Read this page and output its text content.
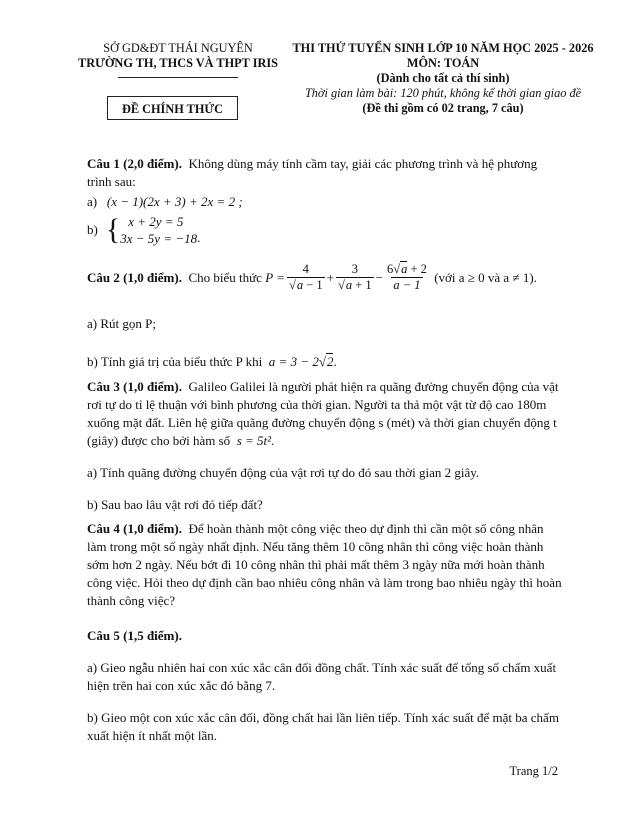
SỞ GD&ĐT THÁI NGUYÊN
TRƯỜNG TH, THCS VÀ THPT IRIS
ĐỀ CHÍNH THỨC
THI THỬ TUYỂN SINH LỚP 10 NĂM HỌC 2025 - 2026
MÔN: TOÁN
(Dành cho tất cả thí sinh)
Thời gian làm bài: 120 phút, không kể thời gian giao đề
(Đề thi gồm có 02 trang, 7 câu)
Câu 1 (2,0 điểm). Không dùng máy tính cầm tay, giải các phương trình và hệ phương
trình sau:
a) (x − 1)(2x + 3) + 2x = 2 ;
b) { x + 2y = 5
3x − 5y = −18 .
Câu 2 (1,0 điểm).
Cho biểu thức
$P = \frac{4}{√a - 1} + \frac{3}{√a + 1} - \frac{6√a + 2}{a - 1}$
(với a ≥ 0 và a ≠ 1).
a) Rút gọn P;
b) Tính giá trị của biểu thức P khi a = 3 − 2√2.
Câu 3 (1,0 điểm). Galileo Galilei là người phát hiện ra quãng đường chuyển động của vật
rơi tự do tỉ lệ thuận với bình phương của thời gian. Người ta thả một vật từ độ cao 180m
xuống mặt đất. Liên hệ giữa quãng đường chuyển động s (mét) và thời gian chuyển động t
(giây) được cho bởi hàm số s = 5t².
a) Tính quãng đường chuyển động của vật rơi tự do đó sau thời gian 2 giây.
b) Sau bao lâu vật rơi đó tiếp đất?
Câu 4 (1,0 điểm). Để hoàn thành một công việc theo dự định thì cần một số công nhân
làm trong một số ngày nhất định. Nếu tăng thêm 10 công nhân thì công việc hoàn thành
sớm hơn 2 ngày. Nếu bớt đi 10 công nhân thì phải mất thêm 3 ngày nữa mới hoàn thành
công việc. Hỏi theo dự định cần bao nhiêu công nhân và làm trong bao nhiêu ngày thì hoàn
thành công việc?
Câu 5 (1,5 điểm).
a) Gieo ngẫu nhiên hai con xúc xắc cân đối đồng chất. Tính xác suất để tổng số chấm xuất
hiện trên hai con xúc xắc đó bằng 7.
b) Gieo một con xúc xắc cân đối, đồng chất hai lần liên tiếp. Tính xác suất để mặt ba chấm
xuất hiện ít nhất một lần.
Trang 1/2
